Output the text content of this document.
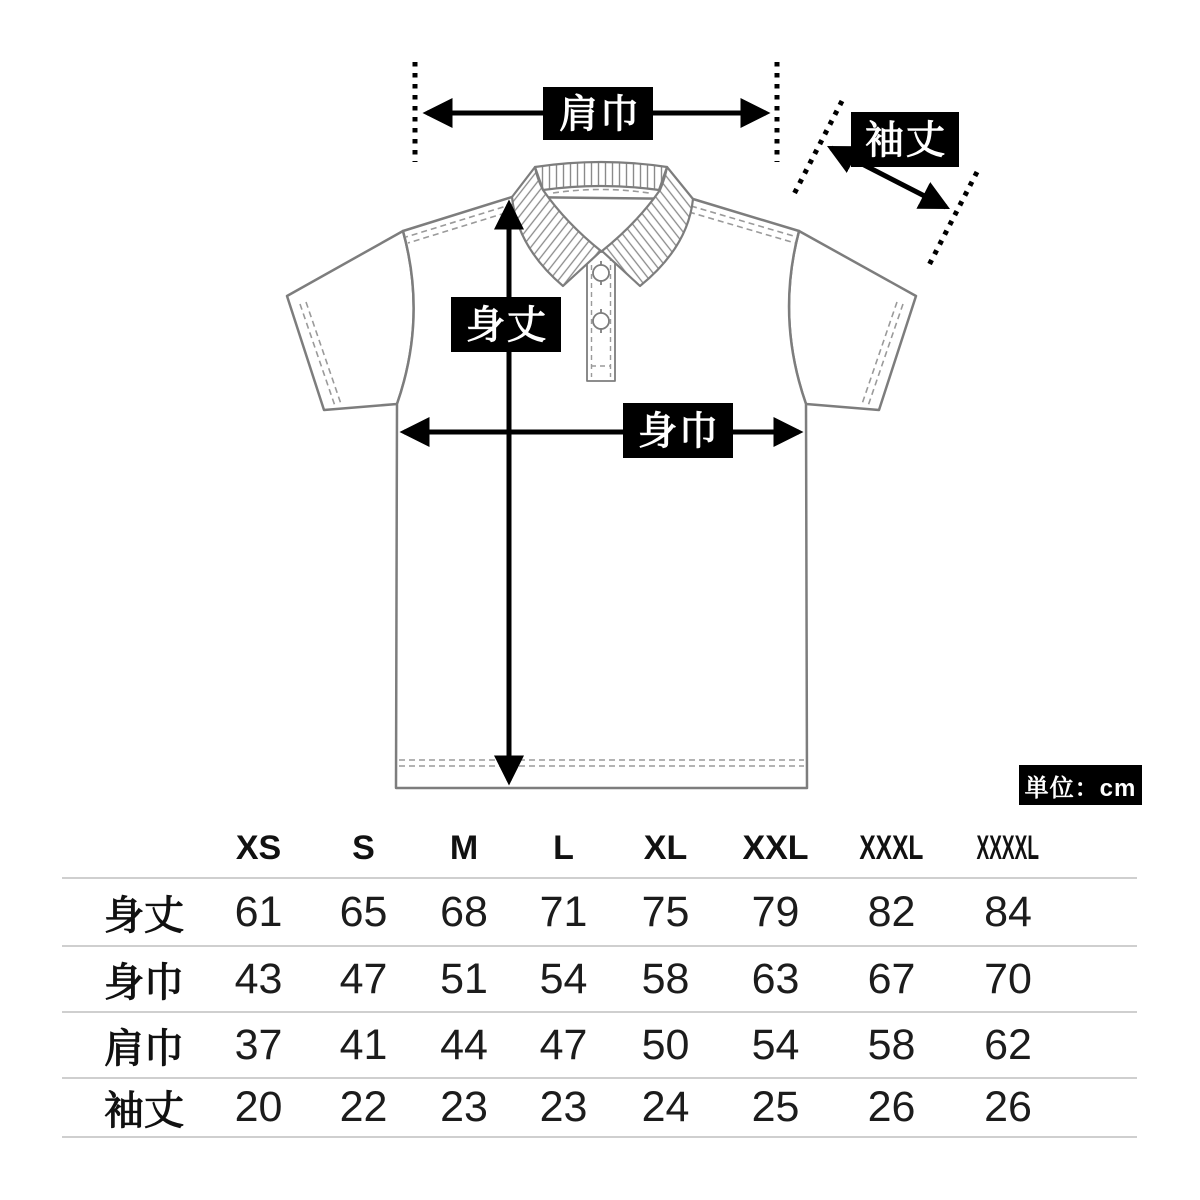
肩巾
袖丈
身丈
身巾
単位：cm
	XS	S	M	L	XL	XXL	XXXL	XXXXL	
身丈	61	65	68	71	75	79	82	84	
身巾	43	47	51	54	58	63	67	70	
肩巾	37	41	44	47	50	54	58	62	
袖丈	20	22	23	23	24	25	26	26	
